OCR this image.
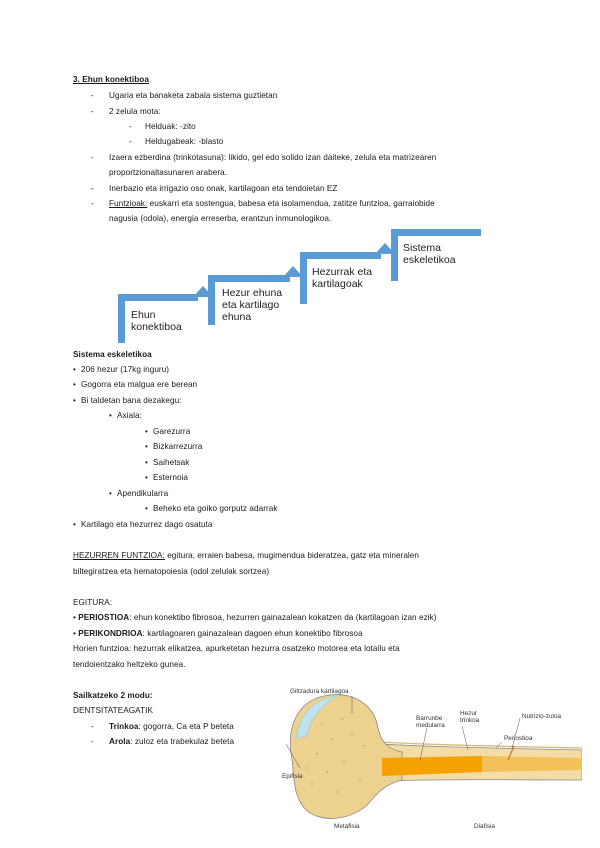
3. Ehun konektiboa
- Ugaria eta banaketa zabala sistema guztietan
- 2 zelula mota:
- Helduak: -zito
- Heldugabeak: -blasto
- Izaera ezberdina (trinkotasuna): likido, gel edo solido izan daiteke, zelula eta matrizearen
proportzionaltasunaren arabera.
- Inerbazio eta irrigazio oso onak, kartilagoan eta tendoietan EZ
- Funtzioak: euskarri eta sostengua, babesa eta isolamendua, zatitze funtzioa, garraiobide
nagusia (odola), energia erreserba, erantzun inmunologikoa.
Ehun konektiboa
Hezur ehuna eta kartilago ehuna
Hezurrak eta kartilagoak
Sistema eskeletikoa
Sistema eskeletikoa
• 206 hezur (17kg inguru)
• Gogorra eta malgua ere berean
• Bi taldetan bana dezakegu:
• Axiala:
• Garezurra
• Bizkarrezurra
• Saihetsak
• Esternoia
• Apendikularra
• Beheko eta goiko gorputz adarrak
• Kartilago eta hezurrez dago osatuta
HEZURREN FUNTZIOA: egitura, erraien babesa, mugimendua bideratzea, gatz eta mineralen
biltegiratzea eta hematopoiesia (odol zelulak sortzea)
EGITURA:
• PERIOSTIOA: ehun konektibo fibrosoa, hezurren gainazalean kokatzen da (kartilagoan izan ezik)
• PERIKONDRIOA: kartilagoaren gainazalean dagoen ehun konektibo fibrosoa
Horien funtzioa: hezurrak elikatzea, apurketetan hezurra osatzeko motorea eta lotailu eta
tendoientzako heltzeko gunea.
Sailkatzeko 2 modu:
DENTSITATEAGATIK
- Trinkoa: gogorra, Ca eta P beteta
- Arola: zuloz eta trabekulaz beteta
Giltzadura kartilagoa
Barrunbe
medularra
Hezur
trinkoa
Nutrizio-zuloa
Periostioa
Epifisia
Metafisia	Diafisia
